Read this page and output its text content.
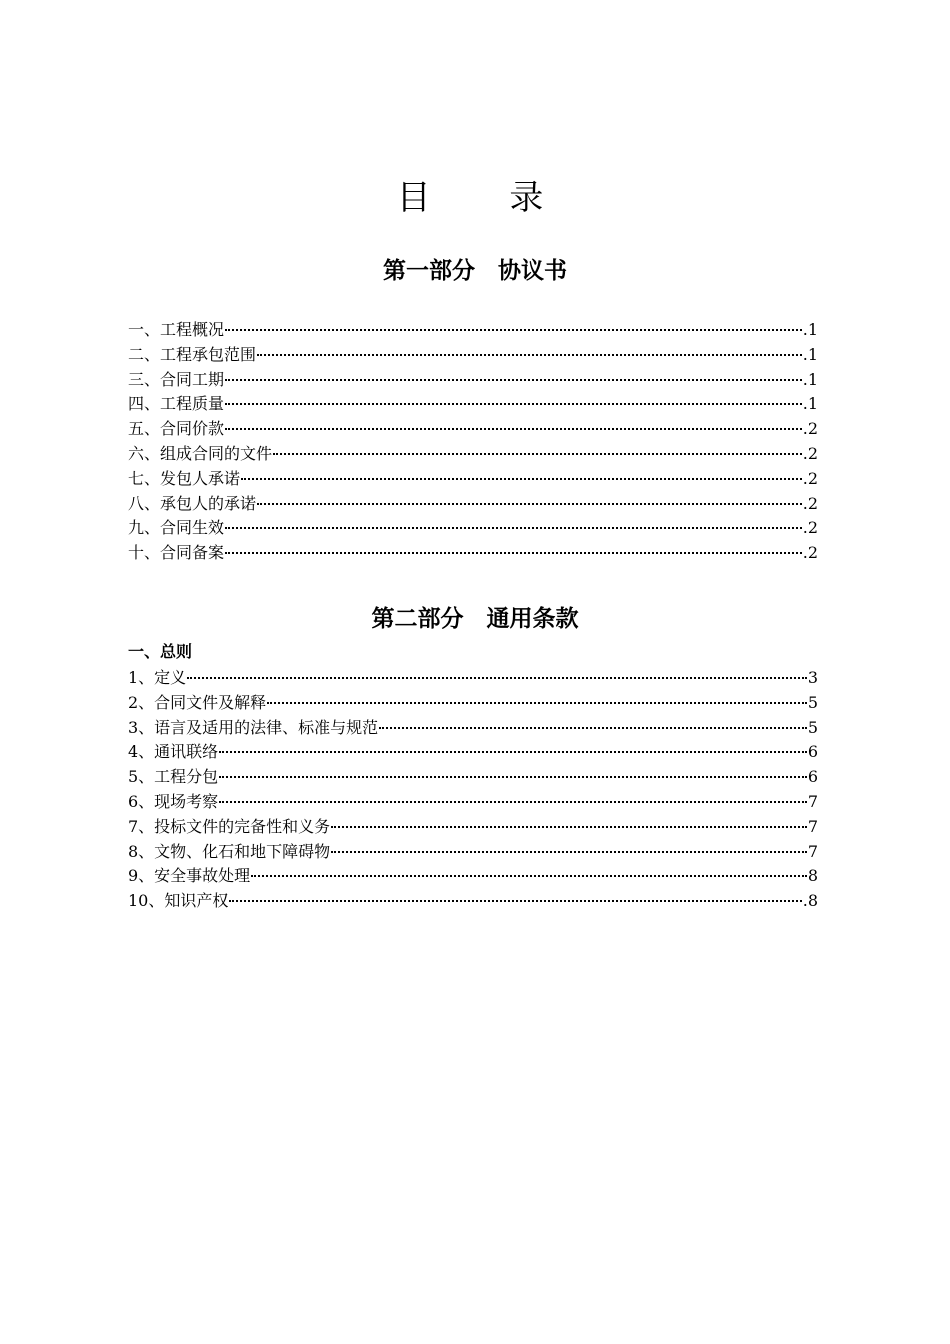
目 录
第一部分　协议书
一、工程概况	.1
二、工程承包范围	.1
三、合同工期	.1
四、工程质量	.1
五、合同价款	.2
六、组成合同的文件	.2
七、发包人承诺	.2
八、承包人的承诺	.2
九、合同生效	.2
十、合同备案	.2
第二部分　通用条款
一、总则
1、定义	3
2、合同文件及解释	5
3、语言及适用的法律、标准与规范	5
4、通讯联络	6
5、工程分包	6
6、现场考察	7
7、投标文件的完备性和义务	7
8、文物、化石和地下障碍物	7
9、安全事故处理	8
10、知识产权	.8
